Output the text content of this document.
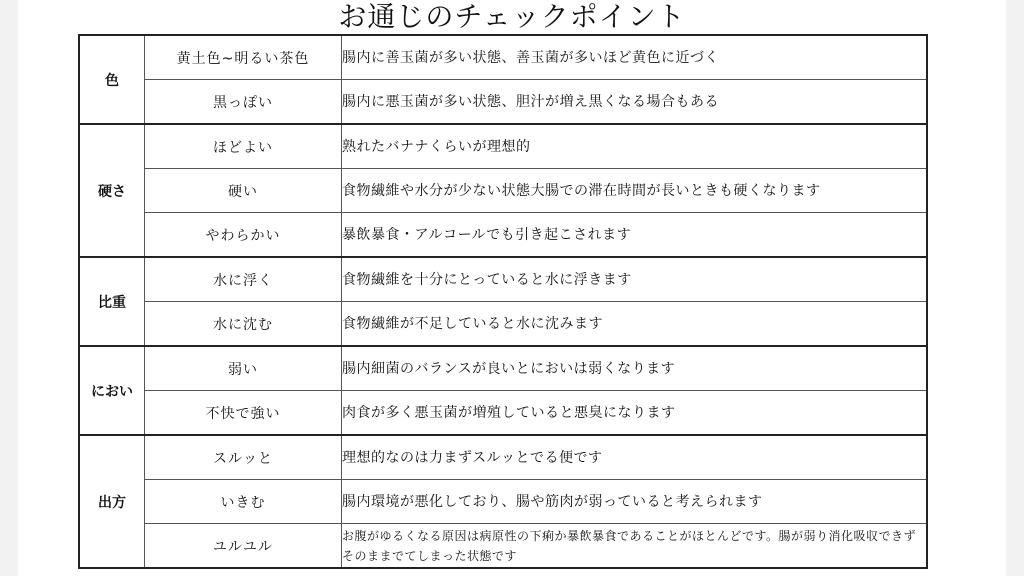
お通じのチェックポイント
色	黄土色~明るい茶色	腸内に善玉菌が多い状態、善玉菌が多いほど黄色に近づく
	黒っぽい	腸内に悪玉菌が多い状態、胆汁が増え黒くなる場合もある
硬さ	ほどよい	熟れたバナナくらいが理想的
	硬い	食物繊維や水分が少ない状態大腸での滞在時間が長いときも硬くなります
	やわらかい	暴飲暴食・アルコールでも引き起こされます
比重	水に浮く	食物繊維を十分にとっていると水に浮きます
	水に沈む	食物繊維が不足していると水に沈みます
におい	弱い	腸内細菌のバランスが良いとにおいは弱くなります
	不快で強い	肉食が多く悪玉菌が増殖していると悪臭になります
出方	スルッと	理想的なのは力まずスルッとでる便です
	いきむ	腸内環境が悪化しており、腸や筋肉が弱っていると考えられます
	ユルユル	お腹がゆるくなる原因は病原性の下痢か暴飲暴食であることがほとんどです。腸が弱り消化吸収できずそのままでてしまった状態です
